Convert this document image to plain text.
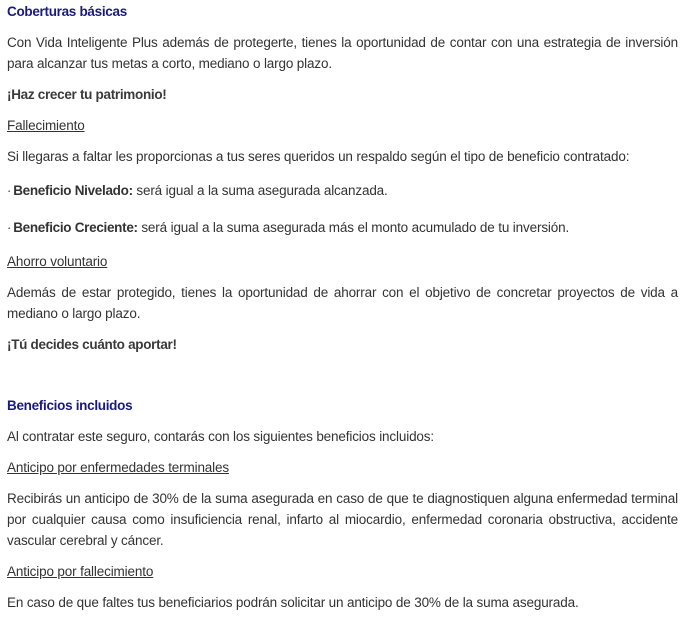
Coberturas básicas

Con Vida Inteligente Plus además de protegerte, tienes la oportunidad de contar con una estrategia de inversión para alcanzar tus metas a corto, mediano o largo plazo.

¡Haz crecer tu patrimonio!

Fallecimiento

Si llegaras a faltar les proporcionas a tus seres queridos un respaldo según el tipo de beneficio contratado:

· Beneficio Nivelado: será igual a la suma asegurada alcanzada.

· Beneficio Creciente: será igual a la suma asegurada más el monto acumulado de tu inversión.

Ahorro voluntario

Además de estar protegido, tienes la oportunidad de ahorrar con el objetivo de concretar proyectos de vida a mediano o largo plazo.

¡Tú decides cuánto aportar!

Beneficios incluidos

Al contratar este seguro, contarás con los siguientes beneficios incluidos:

Anticipo por enfermedades terminales

Recibirás un anticipo de 30% de la suma asegurada en caso de que te diagnostiquen alguna enfermedad terminal por cualquier causa como insuficiencia renal, infarto al miocardio, enfermedad coronaria obstructiva, accidente vascular cerebral y cáncer.

Anticipo por fallecimiento

En caso de que faltes tus beneficiarios podrán solicitar un anticipo de 30% de la suma asegurada.
